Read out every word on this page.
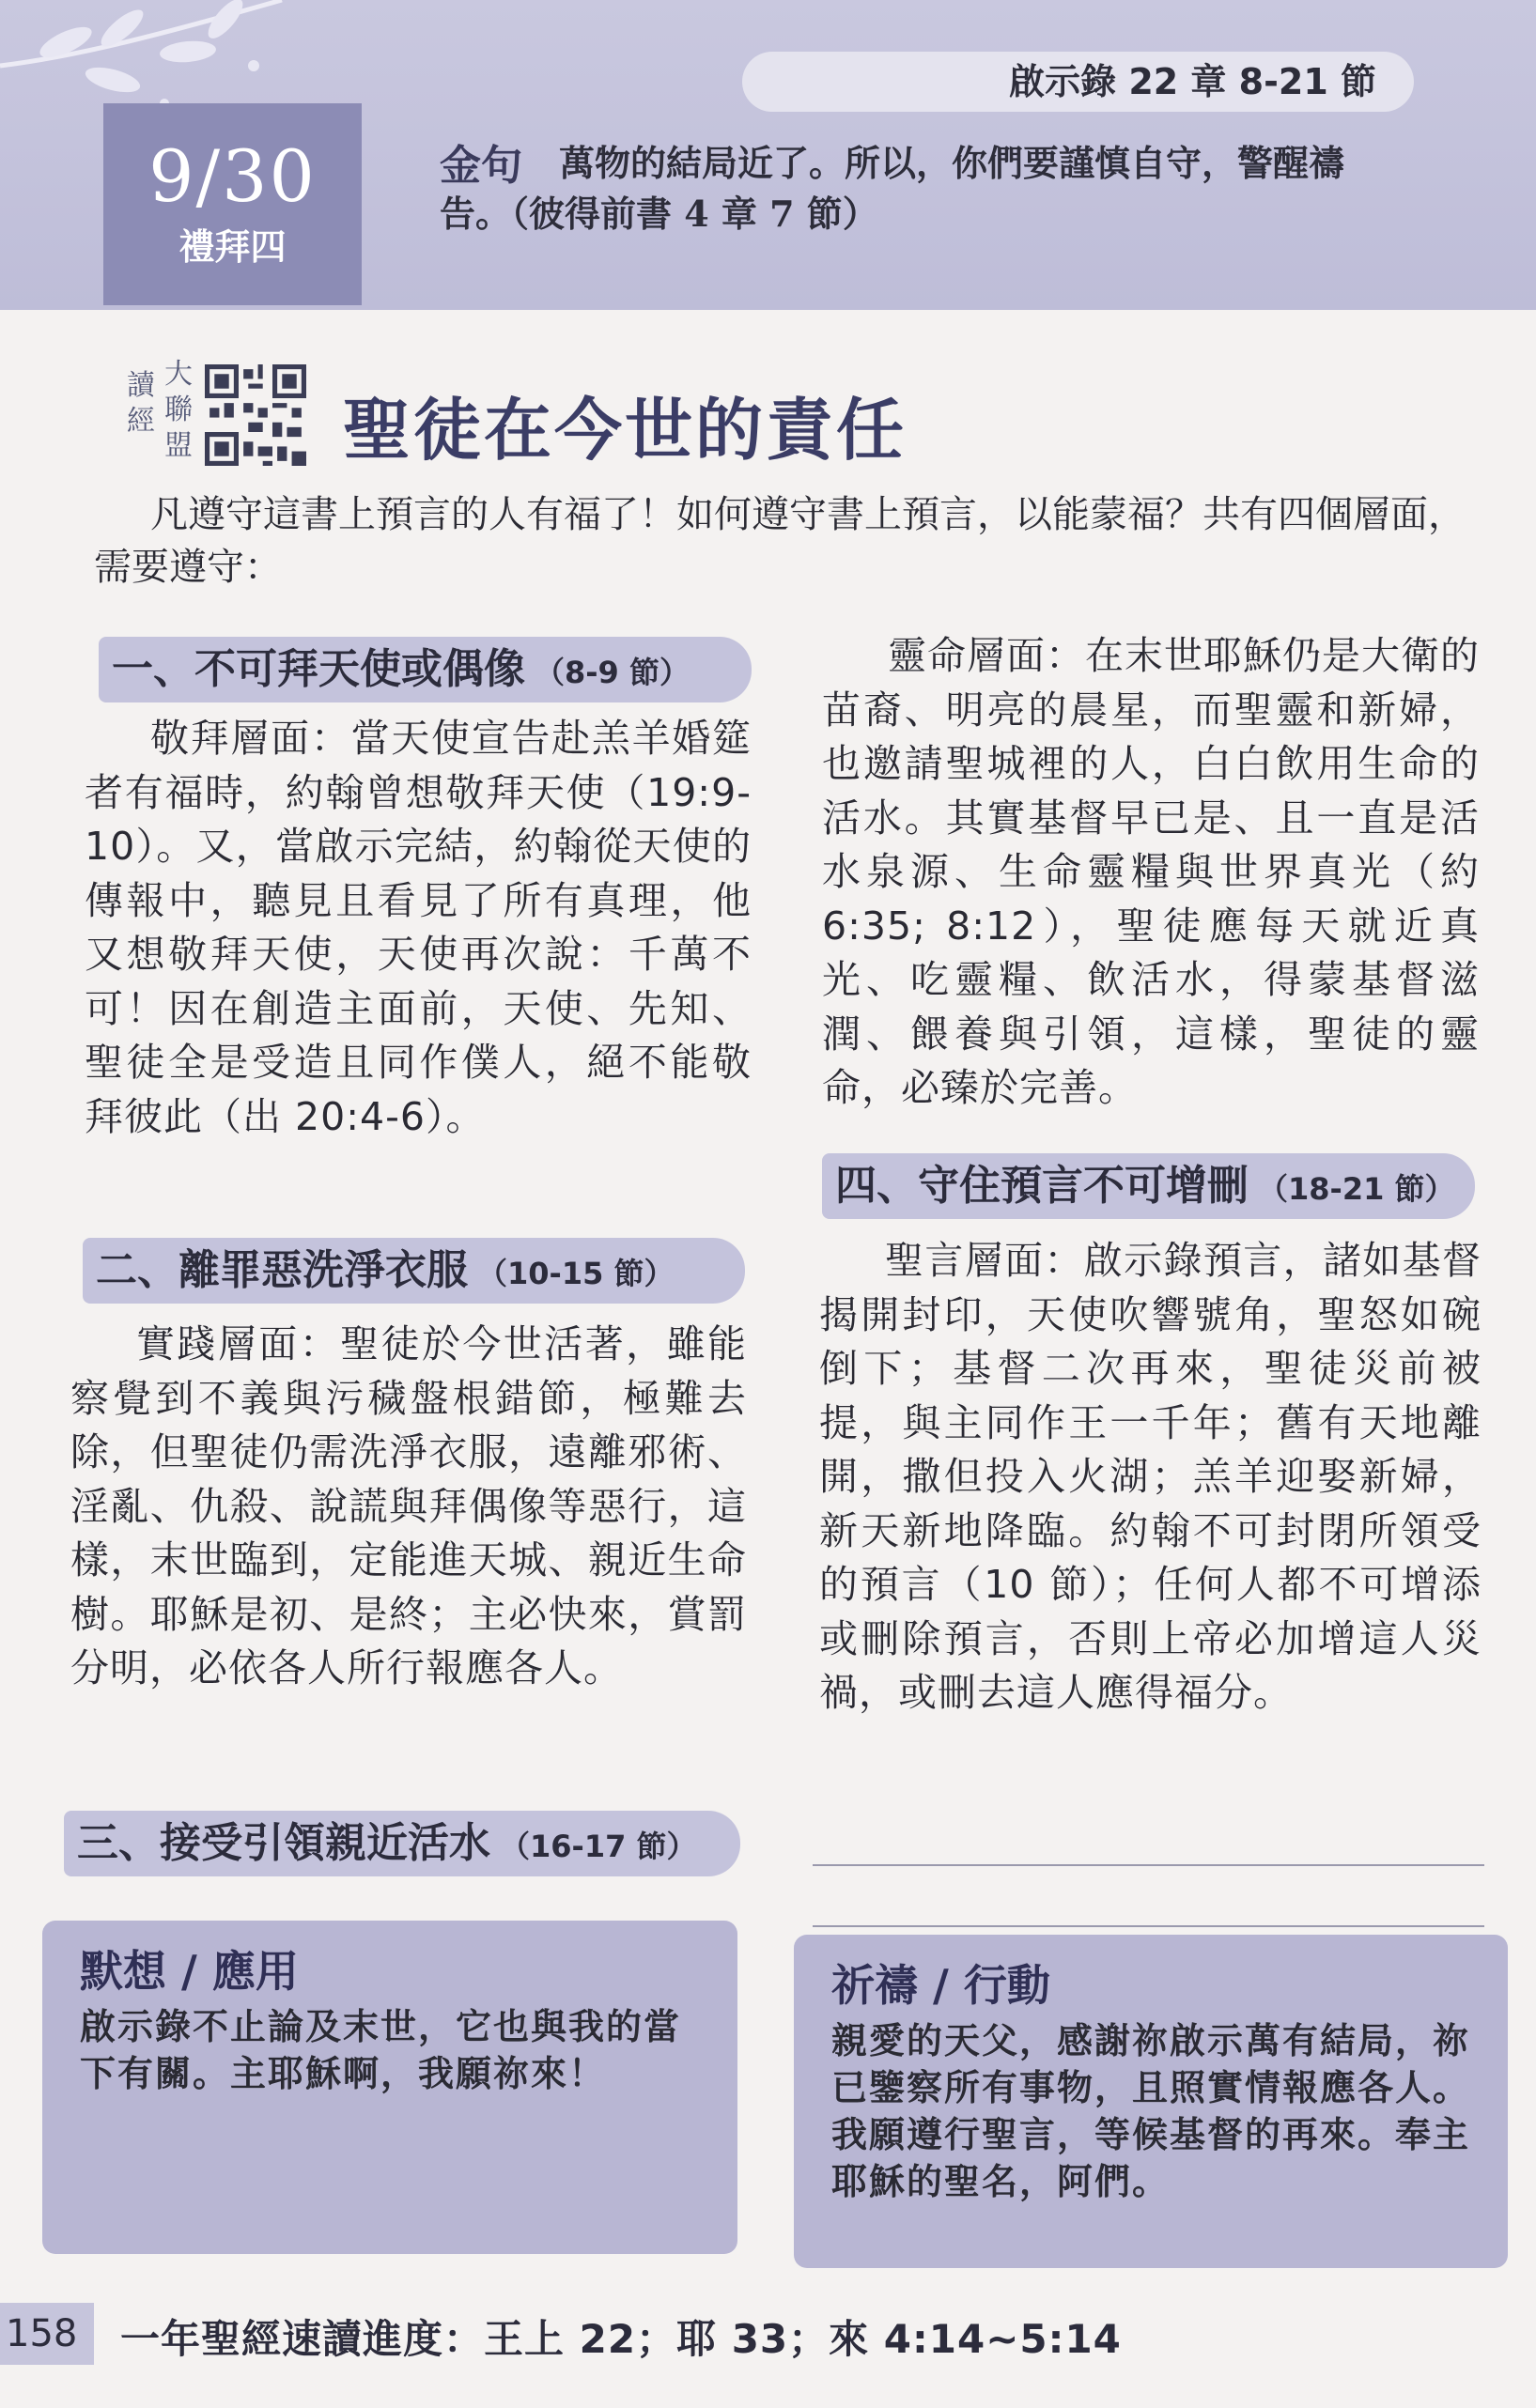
9/30
禮拜四
啟示錄 22 章 8-21 節
金句 萬物的結局近了。所以，你們要謹慎自守，警醒禱
告。（彼得前書 4 章 7 節）
讀經
大聯盟 聖徒在今世的責任
凡遵守這書上預言的人有福了！如何遵守書上預言，以能蒙福？共有四個層面，需要遵守：
一、不可拜天使或偶像 （8-9 節）
敬拜層面：當天使宣告赴羔羊婚筵者有福時，約翰曾想敬拜天使（19:9-10）。又，當啟示完結，約翰從天使的傳報中，聽見且看見了所有真理，他又想敬拜天使，天使再次說：千萬不可！因在創造主面前，天使、先知、聖徒全是受造且同作僕人，絕不能敬拜彼此（出 20:4-6）。
二、離罪惡洗淨衣服 （10-15 節）
實踐層面：聖徒於今世活著，雖能察覺到不義與污穢盤根錯節，極難去除，但聖徒仍需洗淨衣服，遠離邪術、淫亂、仇殺、說謊與拜偶像等惡行，這樣，末世臨到，定能進天城、親近生命樹。耶穌是初、是終；主必快來，賞罰分明，必依各人所行報應各人。
三、接受引領親近活水 （16-17 節）
靈命層面：在末世耶穌仍是大衛的苗裔、明亮的晨星，而聖靈和新婦，也邀請聖城裡的人，白白飲用生命的活水。其實基督早已是、且一直是活水泉源、生命靈糧與世界真光（約 6:35; 8:12），聖徒應每天就近真光、吃靈糧、飲活水，得蒙基督滋潤、餵養與引領，這樣，聖徒的靈命，必臻於完善。
四、守住預言不可增刪 （18-21 節）
聖言層面：啟示錄預言，諸如基督揭開封印，天使吹響號角，聖怒如碗倒下；基督二次再來，聖徒災前被提，與主同作王一千年；舊有天地離開，撒但投入火湖；羔羊迎娶新婦，新天新地降臨。約翰不可封閉所領受的預言（10 節）；任何人都不可增添或刪除預言，否則上帝必加增這人災禍，或刪去這人應得福分。
默想 / 應用
啟示錄不止論及末世，它也與我的當下有關。主耶穌啊，我願祢來！
祈禱 / 行動
親愛的天父，感謝祢啟示萬有結局，祢已鑒察所有事物，且照實情報應各人。我願遵行聖言，等候基督的再來。奉主耶穌的聖名，阿們。
158	一年聖經速讀進度：王上 22；耶 33；來 4:14~5:14
